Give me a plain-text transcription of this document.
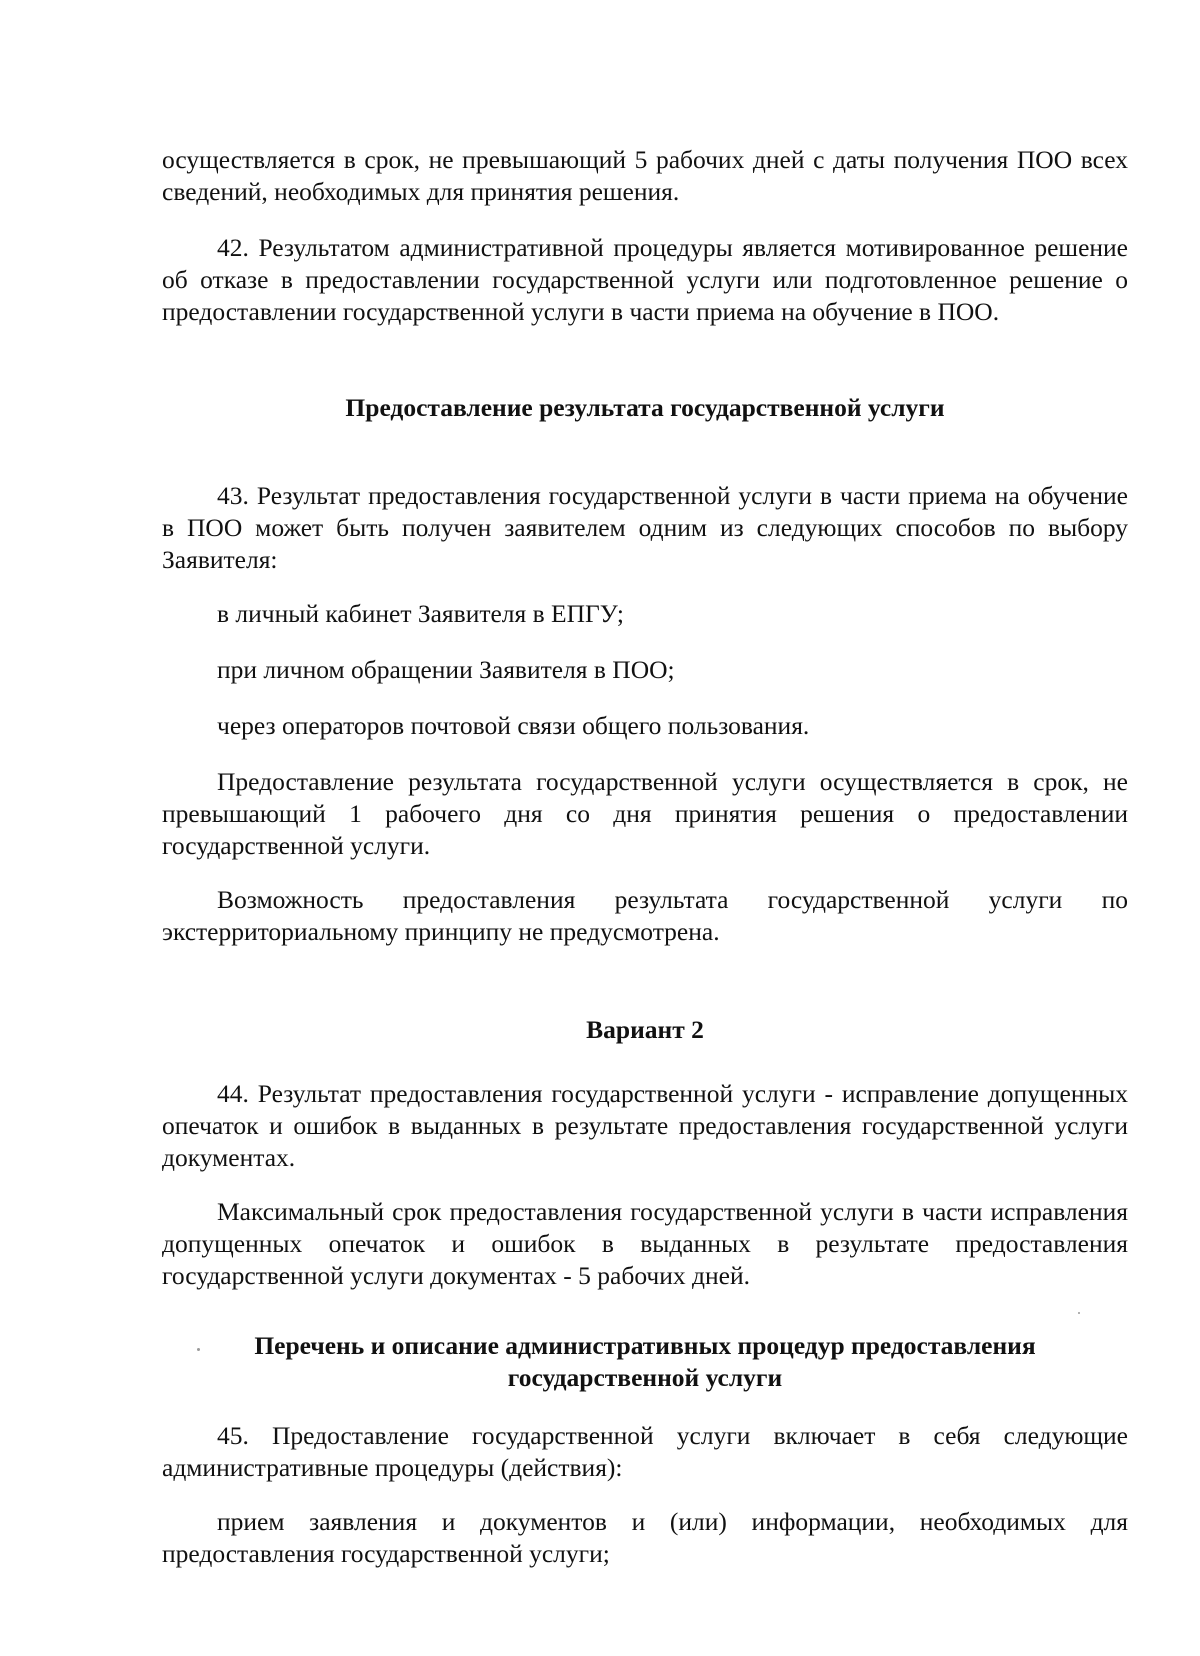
осуществляется в срок, не превышающий 5 рабочих дней с даты получения ПОО всех сведений, необходимых для принятия решения.

42. Результатом административной процедуры является мотивированное решение об отказе в предоставлении государственной услуги или подготовленное решение о предоставлении государственной услуги в части приема на обучение в ПОО.

Предоставление результата государственной услуги

43. Результат предоставления государственной услуги в части приема на обучение в ПОО может быть получен заявителем одним из следующих способов по выбору Заявителя:

в личный кабинет Заявителя в ЕПГУ;

при личном обращении Заявителя в ПОО;

через операторов почтовой связи общего пользования.

Предоставление результата государственной услуги осуществляется в срок, не превышающий 1 рабочего дня со дня принятия решения о предоставлении государственной услуги.

Возможность предоставления результата государственной услуги по экстерриториальному принципу не предусмотрена.

Вариант 2

44. Результат предоставления государственной услуги - исправление допущенных опечаток и ошибок в выданных в результате предоставления государственной услуги документах.

Максимальный срок предоставления государственной услуги в части исправления допущенных опечаток и ошибок в выданных в результате предоставления государственной услуги документах - 5 рабочих дней.

Перечень и описание административных процедур предоставления государственной услуги

45. Предоставление государственной услуги включает в себя следующие административные процедуры (действия):

прием заявления и документов и (или) информации, необходимых для предоставления государственной услуги;
